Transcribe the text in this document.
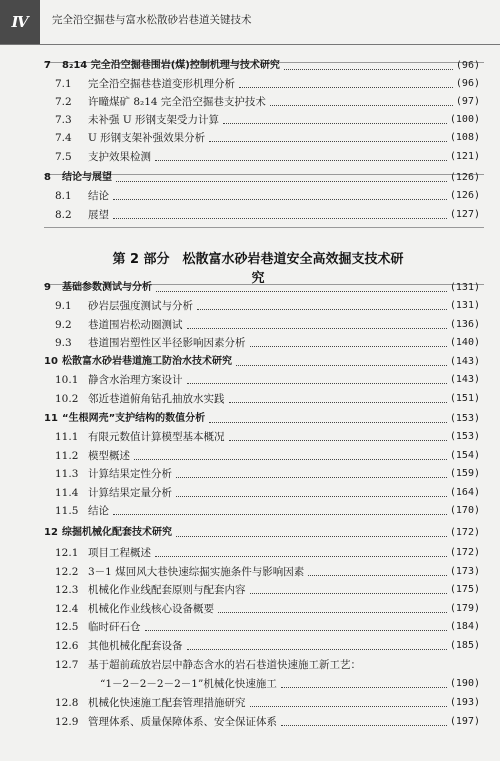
Ⅳ	完全沿空掘巷与富水松散砂岩巷道关键技术
第 2 部分　松散富水砂岩巷道安全高效掘支技术研究
7 8₂14 完全沿空掘巷围岩(煤)控制机理与技术研究	(96)
7.1 完全沿空掘巷巷道变形机理分析	(96)
7.2 许疃煤矿 8₂14 完全沿空掘巷支护技术	(97)
7.3 未补强 U 形钢支架受力计算	(100)
7.4 U 形钢支架补强效果分析	(108)
7.5 支护效果检测	(121)
8 结论与展望	(126)
8.1 结论	(126)
8.2 展望	(127)
9 基础参数测试与分析	(131)
9.1 砂岩层强度测试与分析	(131)
9.2 巷道围岩松动圈测试	(136)
9.3 巷道围岩塑性区半径影响因素分析	(140)
10 松散富水砂岩巷道施工防治水技术研究	(143)
10.1 静含水治理方案设计	(143)
10.2 邻近巷道俯角钻孔抽放水实践	(151)
11 “生根网壳”支护结构的数值分析	(153)
11.1 有限元数值计算模型基本概况	(153)
11.2 模型概述	(154)
11.3 计算结果定性分析	(159)
11.4 计算结果定量分析	(164)
11.5 结论	(170)
12 综掘机械化配套技术研究	(172)
12.1 项目工程概述	(172)
12.2 3－1 煤回风大巷快速综掘实施条件与影响因素	(173)
12.3 机械化作业线配套原则与配套内容	(175)
12.4 机械化作业线核心设备概要	(179)
12.5 临时矸石仓	(184)
12.6 其他机械化配套设备	(185)
12.7 基于超前疏放岩层中静态含水的岩石巷道快速施工新工艺：
“1－2－2－2－2－1”机械化快速施工	(190)
12.8 机械化快速施工配套管理措施研究	(193)
12.9 管理体系、质量保障体系、安全保证体系	(197)
